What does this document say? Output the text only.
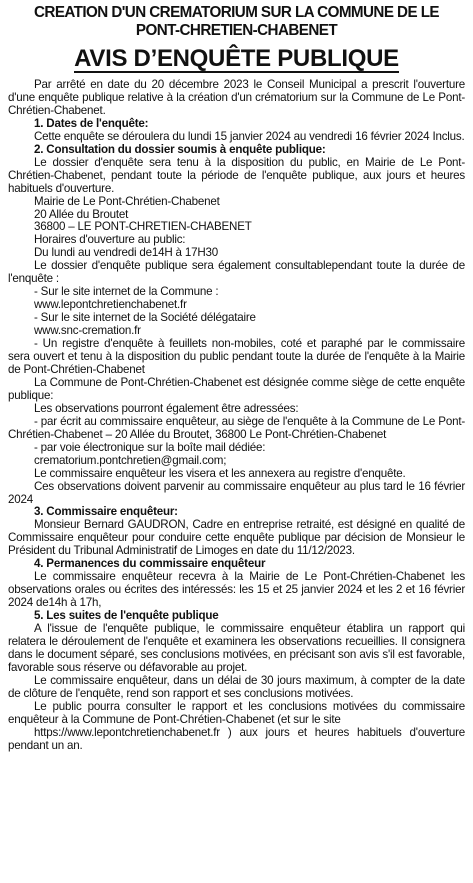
CREATION D'UN CREMATORIUM SUR LA COMMUNE DE LE
PONT-CHRETIEN-CHABENET
AVIS D’ENQUÊTE PUBLIQUE

Par arrêté en date du 20 décembre 2023 le Conseil Municipal a prescrit l'ouverture d'une enquête publique relative à la création d'un crématorium sur la Commune de Le Pont-Chrétien-Chabenet.

1. Dates de l'enquête:

Cette enquête se déroulera du lundi 15 janvier 2024 au vendredi 16 février 2024 Inclus.

2. Consultation du dossier soumis à enquête publique:

Le dossier d'enquête sera tenu à la disposition du public, en Mairie de Le Pont-Chrétien-Chabenet, pendant toute la période de l'enquête publique, aux jours et heures habituels d'ouverture.

Mairie de Le Pont-Chrétien-Chabenet

20 Allée du Broutet

36800 – LE PONT-CHRETIEN-CHABENET

Horaires d'ouverture au public:

Du lundi au vendredi de14H à 17H30

Le dossier d'enquête publique sera également consultablependant toute la durée de l'enquête :

- Sur le site internet de la Commune :

www.lepontchretienchabenet.fr

- Sur le site internet de la Société délégataire

www.snc-cremation.fr

- Un registre d'enquête à feuillets non-mobiles, coté et paraphé par le commissaire sera ouvert et tenu à la disposition du public pendant toute la durée de l'enquête à la Mairie de Pont-Chrétien-Chabenet

La Commune de Pont-Chrétien-Chabenet est désignée comme siège de cette enquête publique:

Les observations pourront également être adressées:

- par écrit au commissaire enquêteur, au siège de l'enquête à la Commune de Le Pont-Chrétien-Chabenet – 20 Allée du Broutet, 36800 Le Pont-Chrétien-Chabenet

- par voie électronique sur la boîte mail dédiée:

crematorium.pontchretien@gmail.com;

Le commissaire enquêteur les visera et les annexera au registre d'enquête.

Ces observations doivent parvenir au commissaire enquêteur au plus tard le 16 février 2024

3. Commissaire enquêteur:

Monsieur Bernard GAUDRON, Cadre en entreprise retraité, est désigné en qualité de Commissaire enquêteur pour conduire cette enquête publique par décision de Monsieur le Président du Tribunal Administratif de Limoges en date du 11/12/2023.

4. Permanences du commissaire enquêteur

Le commissaire enquêteur recevra à la Mairie de Le Pont-Chrétien-Chabenet les observations orales ou écrites des intéressés: les 15 et 25 janvier 2024 et les 2 et 16 février 2024 de14h à 17h,

5. Les suites de l'enquête publique

A l'issue de l'enquête publique, le commissaire enquêteur établira un rapport qui relatera le déroulement de l'enquête et examinera les observations recueillies. Il consignera dans le document séparé, ses conclusions motivées, en précisant son avis s'il est favorable, favorable sous réserve ou défavorable au projet.

Le commissaire enquêteur, dans un délai de 30 jours maximum, à compter de la date de clôture de l'enquête, rend son rapport et ses conclusions motivées.

Le public pourra consulter le rapport et les conclusions motivées du commissaire enquêteur à la Commune de Pont-Chrétien-Chabenet (et sur le site

https://www.lepontchretienchabenet.fr ) aux jours et heures habituels d'ouverture pendant un an.
